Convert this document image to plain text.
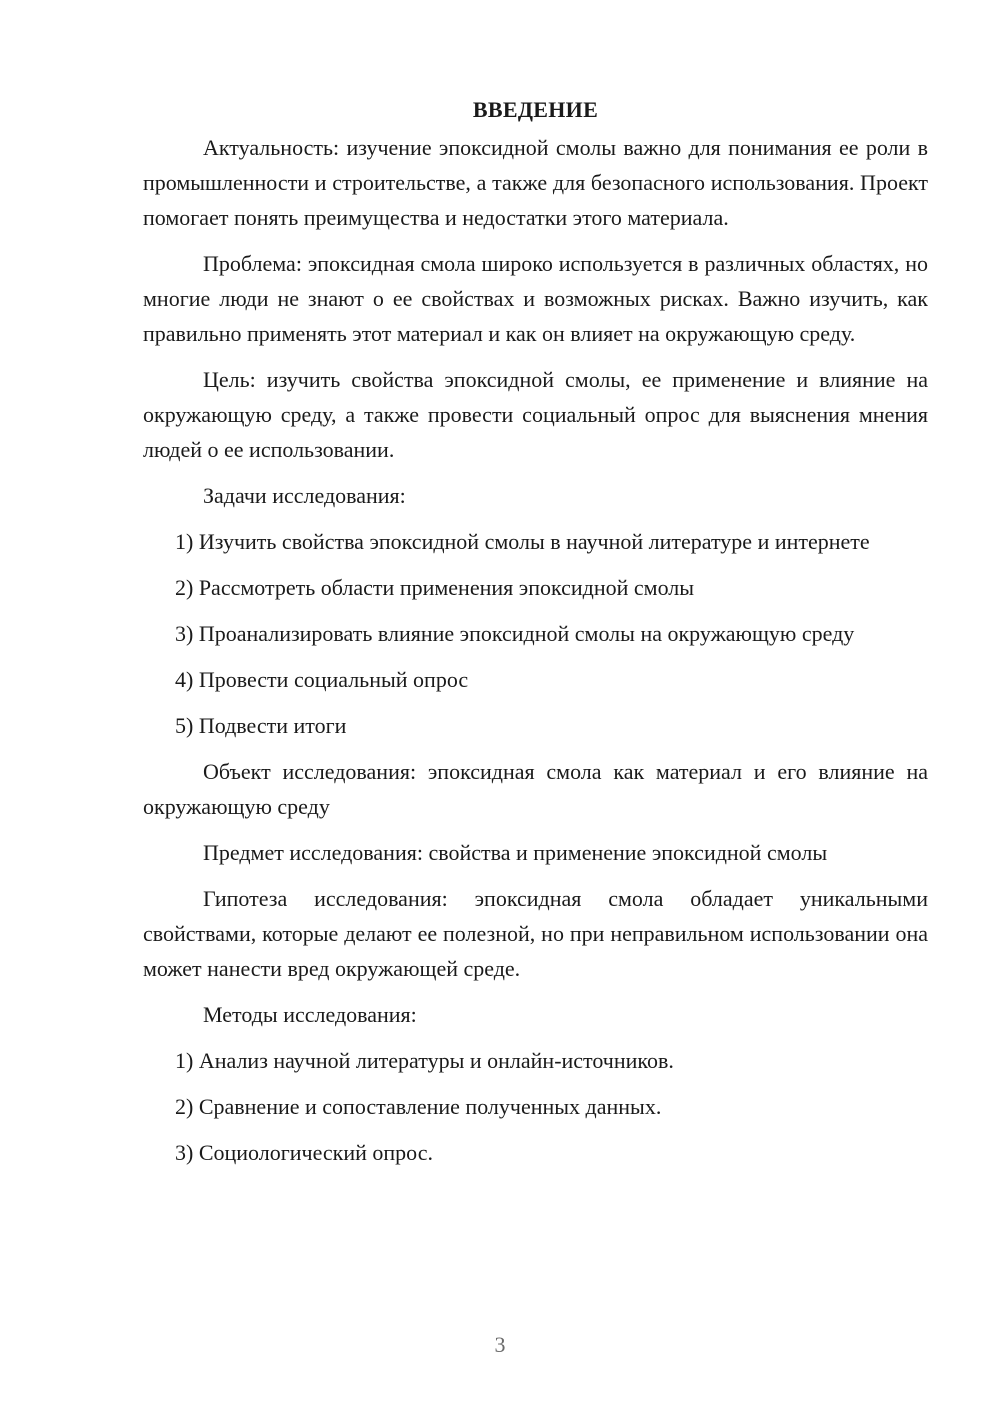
ВВЕДЕНИЕ

Актуальность: изучение эпоксидной смолы важно для понимания ее роли в промышленности и строительстве, а также для безопасного использования. Проект помогает понять преимущества и недостатки этого материала.

Проблема: эпоксидная смола широко используется в различных областях, но многие люди не знают о ее свойствах и возможных рисках. Важно изучить, как правильно применять этот материал и как он влияет на окружающую среду.

Цель: изучить свойства эпоксидной смолы, ее применение и влияние на окружающую среду, а также провести социальный опрос для выяснения мнения людей о ее использовании.

Задачи исследования:

1) Изучить свойства эпоксидной смолы в научной литературе и интернете

2) Рассмотреть области применения эпоксидной смолы

3) Проанализировать влияние эпоксидной смолы на окружающую среду

4) Провести социальный опрос

5) Подвести итоги

Объект исследования: эпоксидная смола как материал и его влияние на окружающую среду

Предмет исследования: свойства и применение эпоксидной смолы

Гипотеза исследования: эпоксидная смола обладает уникальными свойствами, которые делают ее полезной, но при неправильном использовании она может нанести вред окружающей среде.

Методы исследования:

1) Анализ научной литературы и онлайн-источников.

2) Сравнение и сопоставление полученных данных.

3) Социологический опрос.

3
